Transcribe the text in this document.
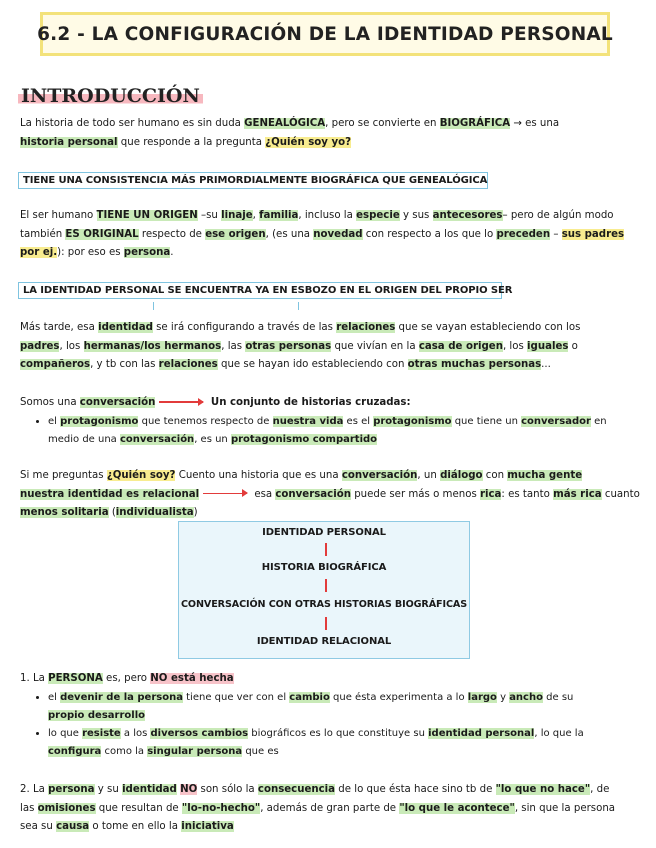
6.2 - LA CONFIGURACIÓN DE LA IDENTIDAD PERSONAL
INTRODUCCIÓN

La historia de todo ser humano es sin duda GENEALÓGICA, pero se convierte en BIOGRÁFICA → es una

historia personal que responde a la pregunta ¿Quién soy yo?

TIENE UNA CONSISTENCIA MÁS PRIMORDIALMENTE BIOGRÁFICA QUE GENEALÓGICA

El ser humano TIENE UN ORIGEN –su linaje, familia, incluso la especie y sus antecesores– pero de algún modo

también ES ORIGINAL respecto de ese origen, (es una novedad con respecto a los que lo preceden – sus padres

por ej.): por eso es persona.

LA IDENTIDAD PERSONAL SE ENCUENTRA YA EN ESBOZO EN EL ORIGEN DEL PROPIO SER

Más tarde, esa identidad se irá configurando a través de las relaciones que se vayan estableciendo con los

padres, los hermanas/los hermanos, las otras personas que vivían en la casa de origen, los iguales o

compañeros, y tb con las relaciones que se hayan ido estableciendo con otras muchas personas...

Somos una conversación	Un conjunto de historias cruzadas:

• el protagonismo que tenemos respecto de nuestra vida es el protagonismo que tiene un conversador en
medio de una conversación, es un protagonismo compartido

Si me preguntas ¿Quién soy? Cuento una historia que es una conversación, un diálogo con mucha gente

nuestra identidad es relacional	esa conversación puede ser más o menos rica: es tanto más rica cuanto

menos solitaria (individualista)

IDENTIDAD PERSONAL
HISTORIA BIOGRÁFICA
CONVERSACIÓN CON OTRAS HISTORIAS BIOGRÁFICAS
IDENTIDAD RELACIONAL

1. La PERSONA es, pero NO está hecha

• el devenir de la persona tiene que ver con el cambio que ésta experimenta a lo largo y ancho de su
propio desarrollo
• lo que resiste a los diversos cambios biográficos es lo que constituye su identidad personal, lo que la
configura como la singular persona que es

2. La persona y su identidad NO son sólo la consecuencia de lo que ésta hace sino tb de "lo que no hace", de

las omisiones que resultan de "lo-no-hecho", además de gran parte de "lo que le acontece", sin que la persona

sea su causa o tome en ello la iniciativa
